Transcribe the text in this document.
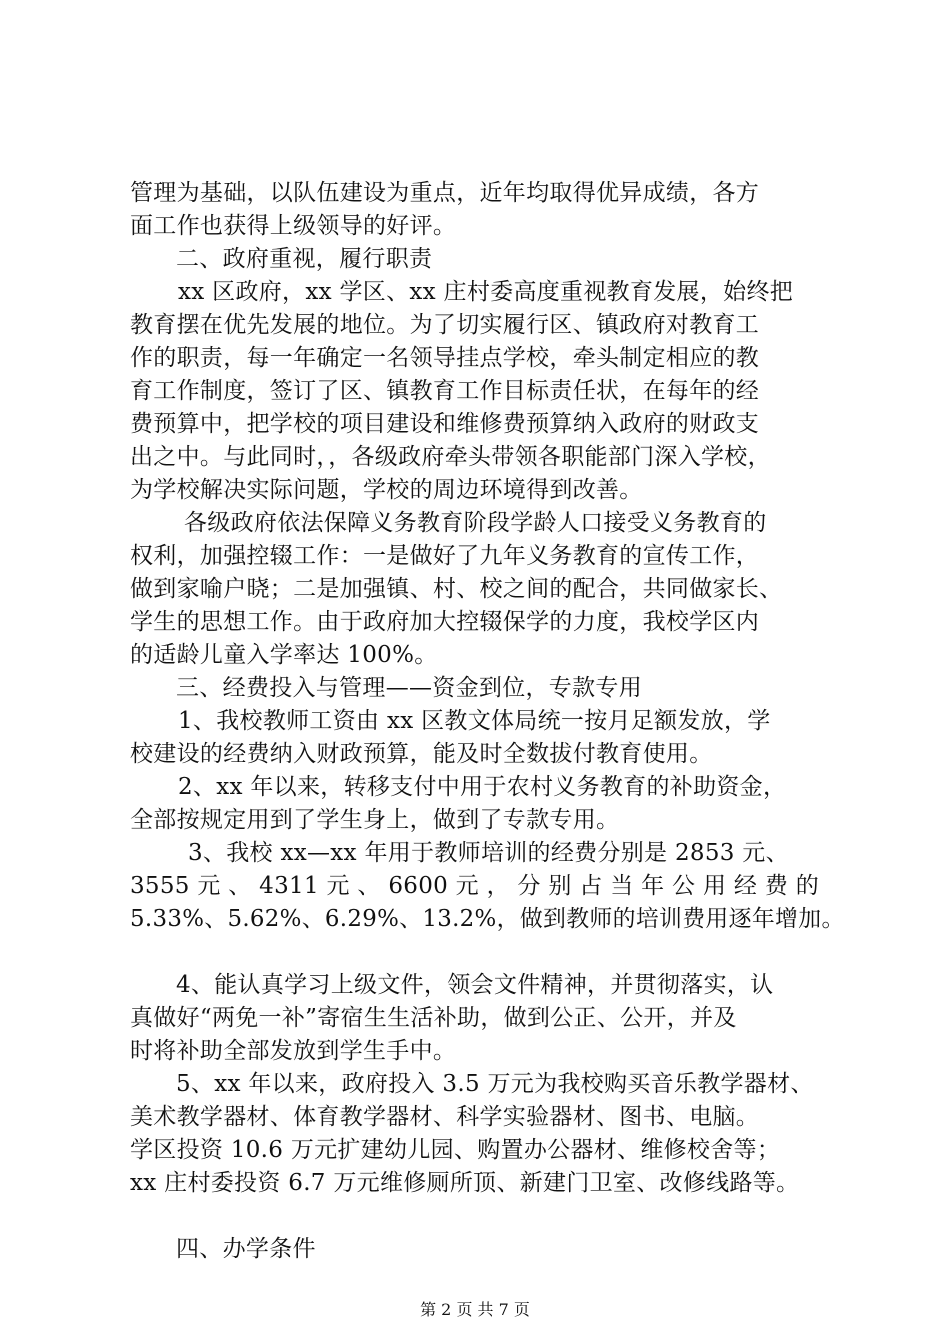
管理为基础，以队伍建设为重点，近年均取得优异成绩，各方
面工作也获得上级领导的好评。
二、政府重视，履行职责
xx 区政府，xx 学区、xx 庄村委高度重视教育发展，始终把
教育摆在优先发展的地位。为了切实履行区、镇政府对教育工
作的职责，每一年确定一名领导挂点学校，牵头制定相应的教
育工作制度，签订了区、镇教育工作目标责任状，在每年的经
费预算中，把学校的项目建设和维修费预算纳入政府的财政支
出之中。与此同时，，各级政府牵头带领各职能部门深入学校，
为学校解决实际问题，学校的周边环境得到改善。
各级政府依法保障义务教育阶段学龄人口接受义务教育的
权利，加强控辍工作：一是做好了九年义务教育的宣传工作，
做到家喻户晓；二是加强镇、村、校之间的配合，共同做家长、
学生的思想工作。由于政府加大控辍保学的力度，我校学区内
的适龄儿童入学率达 100%。
三、经费投入与管理——资金到位，专款专用
1、我校教师工资由 xx 区教文体局统一按月足额发放，学
校建设的经费纳入财政预算，能及时全数拔付教育使用。
2、xx 年以来，转移支付中用于农村义务教育的补助资金，
全部按规定用到了学生身上，做到了专款专用。
3、我校 xx—xx 年用于教师培训的经费分别是 2853 元、
3555 元 、 4311 元 、 6600 元 ， 分 别 占 当 年 公 用 经 费 的
5.33%、5.62%、6.29%、13.2%，做到教师的培训费用逐年增加。
4、能认真学习上级文件，领会文件精神，并贯彻落实，认
真做好“两免一补”寄宿生生活补助，做到公正、公开，并及
时将补助全部发放到学生手中。
5、xx 年以来，政府投入 3.5 万元为我校购买音乐教学器材、
美术教学器材、体育教学器材、科学实验器材、图书、电脑。
学区投资 10.6 万元扩建幼儿园、购置办公器材、维修校舍等；
xx 庄村委投资 6.7 万元维修厕所顶、新建门卫室、改修线路等。
四、办学条件
第 2 页 共 7 页
